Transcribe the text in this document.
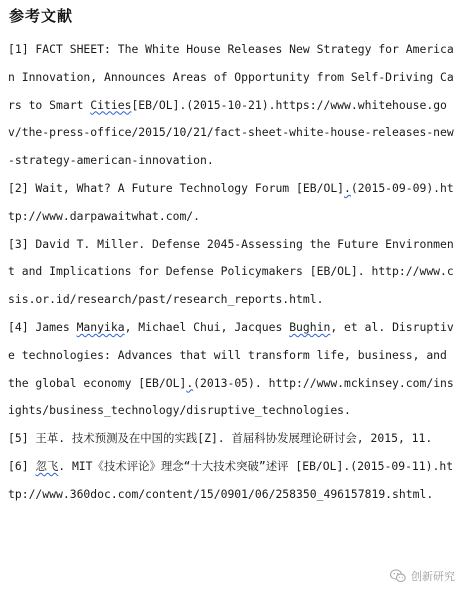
参考文献

[1] FACT SHEET: The White House Releases New Strategy for American Innovation, Announces Areas of Opportunity from Self-Driving Cars to Smart Cities[EB/OL].(2015-10-21).https://www.whitehouse.gov/the-press-office/2015/10/21/fact-sheet-white-house-releases-new-strategy-american-innovation.

[2] Wait, What? A Future Technology Forum [EB/OL].(2015-09-09).http://www.darpawaitwhat.com/.

[3] David T. Miller. Defense 2045-Assessing the Future Environment and Implications for Defense Policymakers [EB/OL]. http://www.csis.or.id/research/past/research_reports.html.

[4] James Manyika, Michael Chui, Jacques Bughin, et al. Disruptive technologies: Advances that will transform life, business, and the global economy [EB/OL].(2013-05). http://www.mckinsey.com/insights/business_technology/disruptive_technologies.

[5] 王革. 技术预测及在中国的实践[Z]. 首届科协发展理论研讨会, 2015, 11.

[6] 忽飞. MIT《技术评论》理念“十大技术突破”述评 [EB/OL].(2015-09-11).http://www.360doc.com/content/15/0901/06/258350_496157819.shtml.

创新研究
